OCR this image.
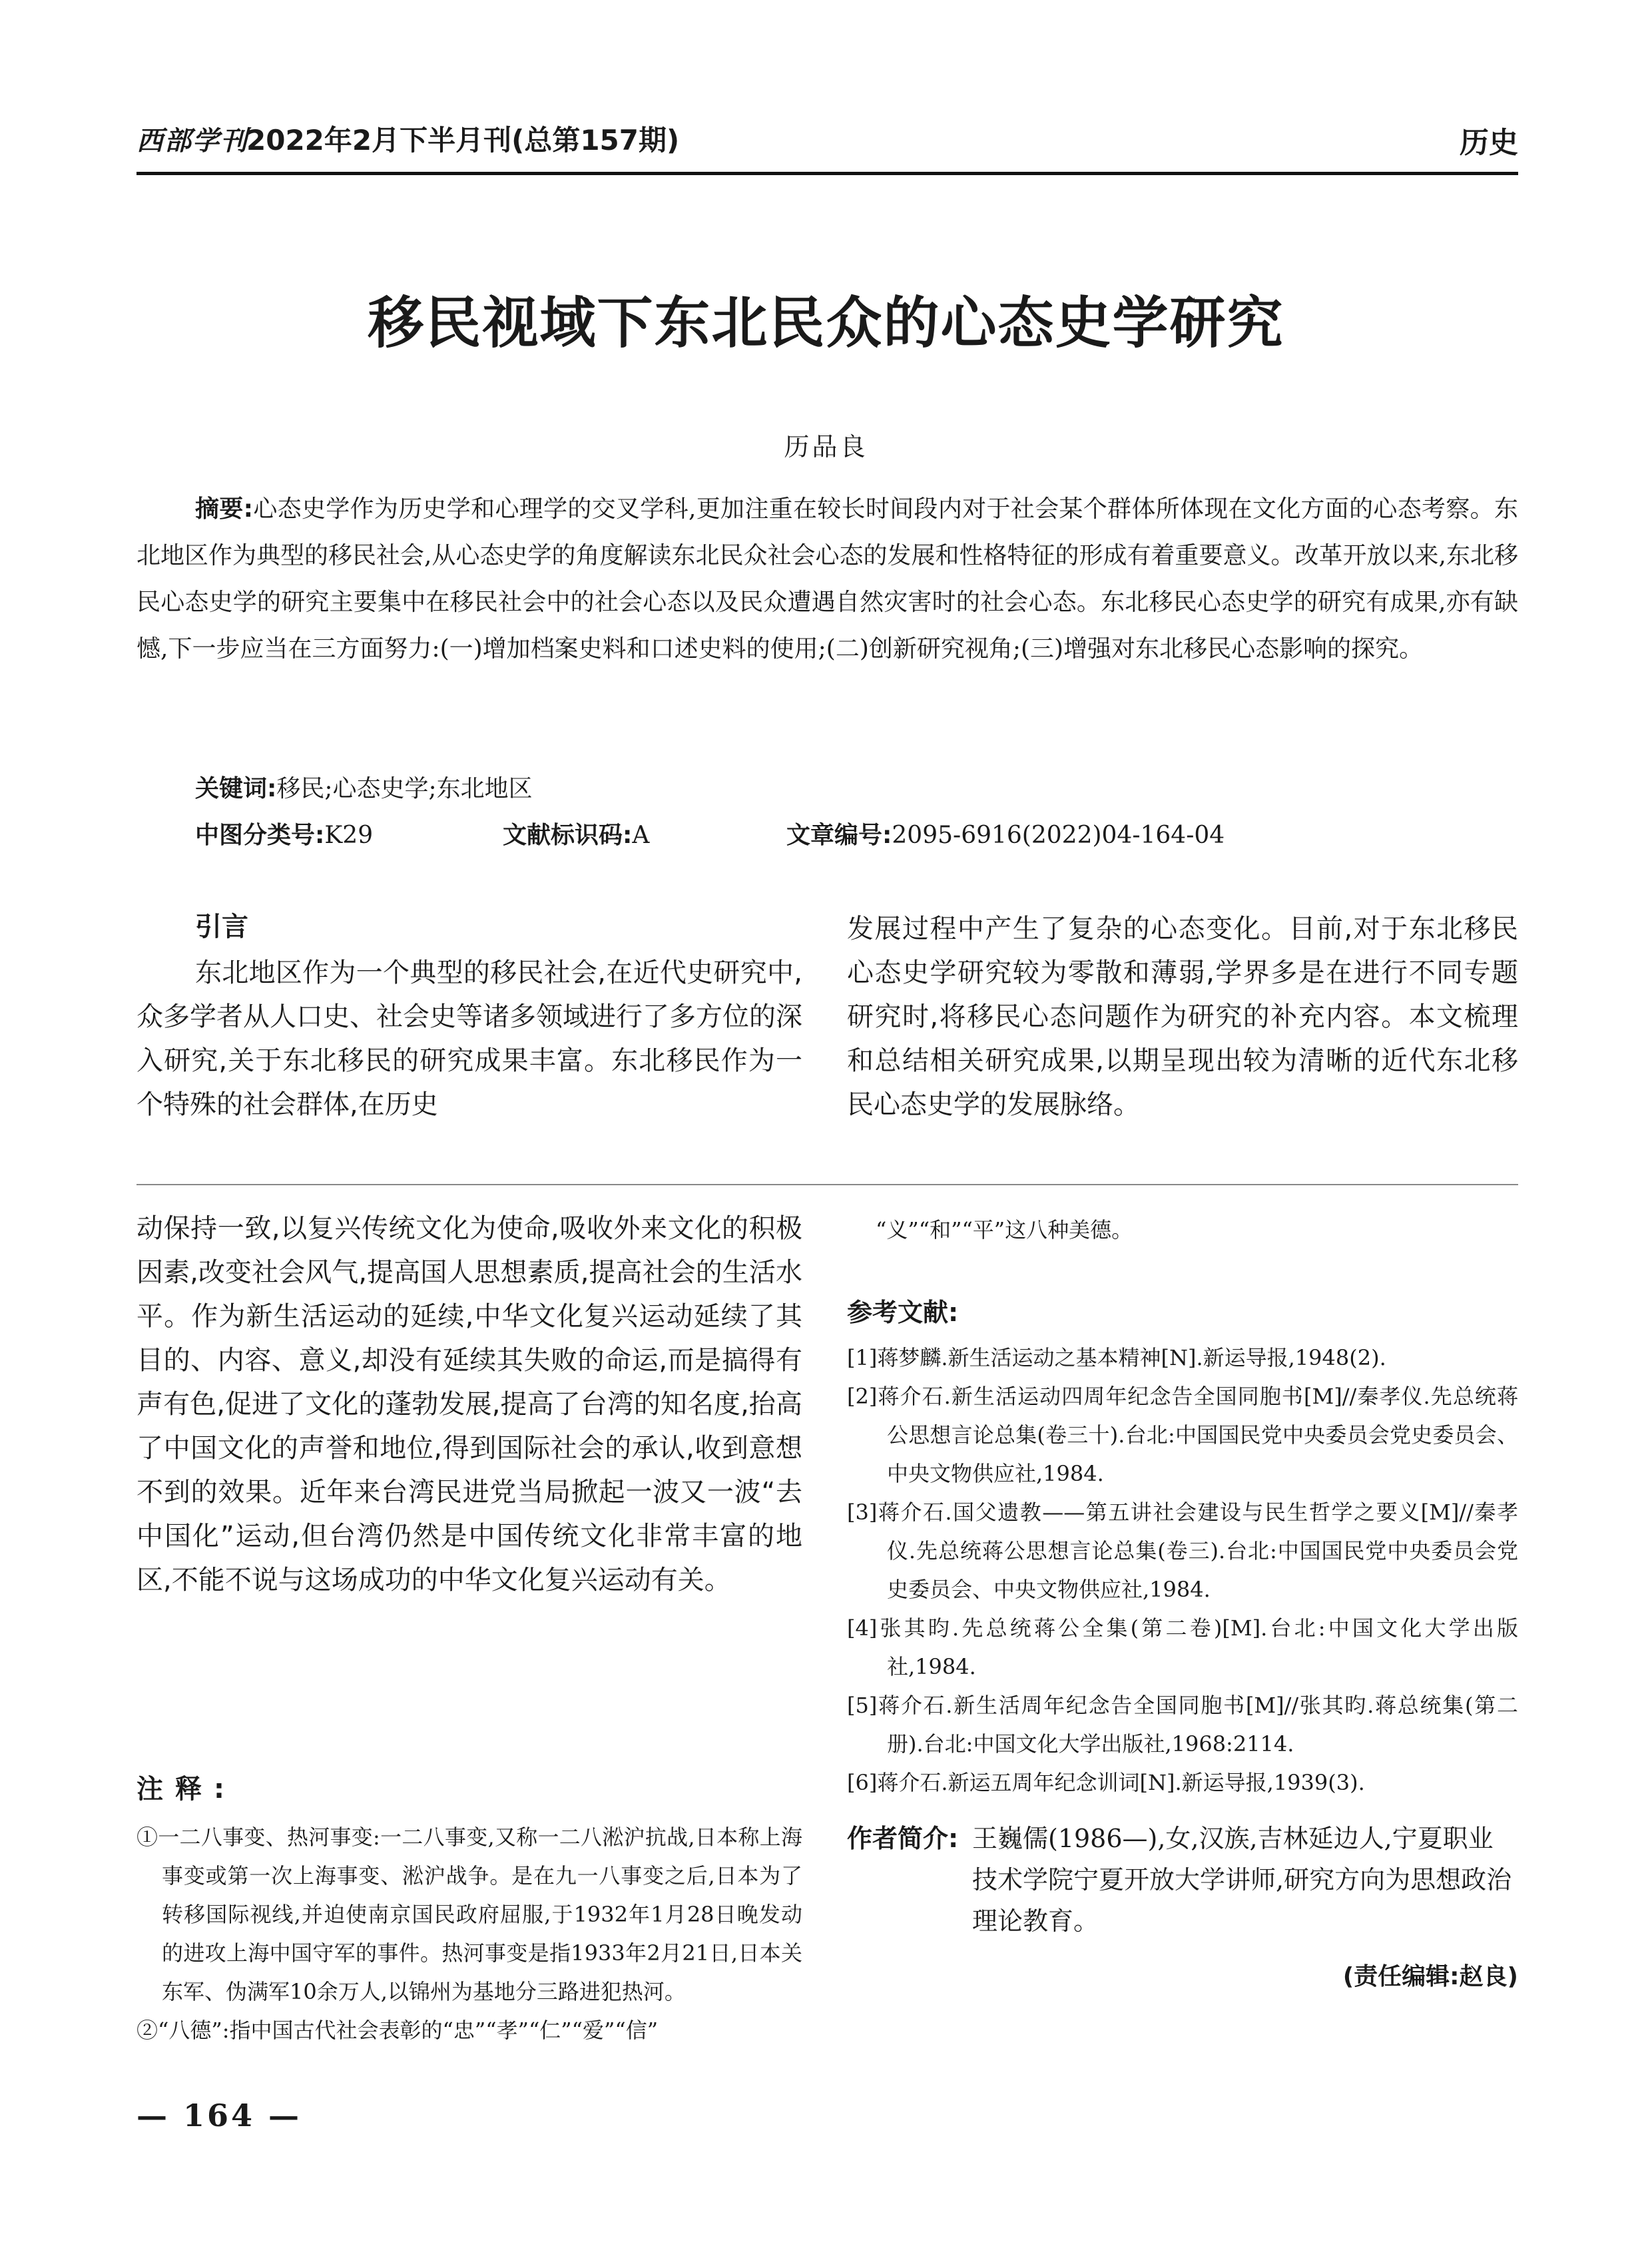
西部学刊
2022年2月下半月刊(总第157期)	历史
移民视域下东北民众的心态史学研究
历品良
摘要:心态史学作为历史学和心理学的交叉学科,更加注重在较长时间段内对于社会某个群体所体现在文化方面的心态考察。东北地区作为典型的移民社会,从心态史学的角度解读东北民众社会心态的发展和性格特征的形成有着重要意义。改革开放以来,东北移民心态史学的研究主要集中在移民社会中的社会心态以及民众遭遇自然灾害时的社会心态。东北移民心态史学的研究有成果,亦有缺憾,下一步应当在三方面努力:(一)增加档案史料和口述史料的使用;(二)创新研究视角;(三)增强对东北移民心态影响的探究。
关键词:移民;心态史学;东北地区
中图分类号:K29	文献标识码:A	文章编号:2095-6916(2022)04-164-04
引言
东北地区作为一个典型的移民社会,在近代史研究中,众多学者从人口史、社会史等诸多领域进行了多方位的深入研究,关于东北移民的研究成果丰富。东北移民作为一个特殊的社会群体,在历史
发展过程中产生了复杂的心态变化。目前,对于东北移民心态史学研究较为零散和薄弱,学界多是在进行不同专题研究时,将移民心态问题作为研究的补充内容。本文梳理和总结相关研究成果,以期呈现出较为清晰的近代东北移民心态史学的发展脉络。
动保持一致,以复兴传统文化为使命,吸收外来文化的积极因素,改变社会风气,提高国人思想素质,提高社会的生活水平。作为新生活运动的延续,中华文化复兴运动延续了其目的、内容、意义,却没有延续其失败的命运,而是搞得有声有色,促进了文化的蓬勃发展,提高了台湾的知名度,抬高了中国文化的声誉和地位,得到国际社会的承认,收到意想不到的效果。近年来台湾民进党当局掀起一波又一波“去中国化”运动,但台湾仍然是中国传统文化非常丰富的地区,不能不说与这场成功的中华文化复兴运动有关。
注释:
①一二八事变、热河事变:一二八事变,又称一二八淞沪抗战,日本称上海事变或第一次上海事变、淞沪战争。是在九一八事变之后,日本为了转移国际视线,并迫使南京国民政府屈服,于1932年1月28日晚发动的进攻上海中国守军的事件。热河事变是指1933年2月21日,日本关东军、伪满军10余万人,以锦州为基地分三路进犯热河。
②“八德”:指中国古代社会表彰的“忠”“孝”“仁”“爱”“信”
“义”“和”“平”这八种美德。
参考文献:
[1]蒋梦麟.新生活运动之基本精神[N].新运导报,1948(2).
[2]蒋介石.新生活运动四周年纪念告全国同胞书[M]//秦孝仪.先总统蒋公思想言论总集(卷三十).台北:中国国民党中央委员会党史委员会、中央文物供应社,1984.
[3]蒋介石.国父遗教——第五讲社会建设与民生哲学之要义[M]//秦孝仪.先总统蒋公思想言论总集(卷三).台北:中国国民党中央委员会党史委员会、中央文物供应社,1984.
[4]张其昀.先总统蒋公全集(第二卷)[M].台北:中国文化大学出版社,1984.
[5]蒋介石.新生活周年纪念告全国同胞书[M]//张其昀.蒋总统集(第二册).台北:中国文化大学出版社,1968:2114.
[6]蒋介石.新运五周年纪念训词[N].新运导报,1939(3).
作者简介: 王巍儒(1986—),女,汉族,吉林延边人,宁夏职业技术学院宁夏开放大学讲师,研究方向为思想政治理论教育。
(责任编辑:赵良)
— 164 —
